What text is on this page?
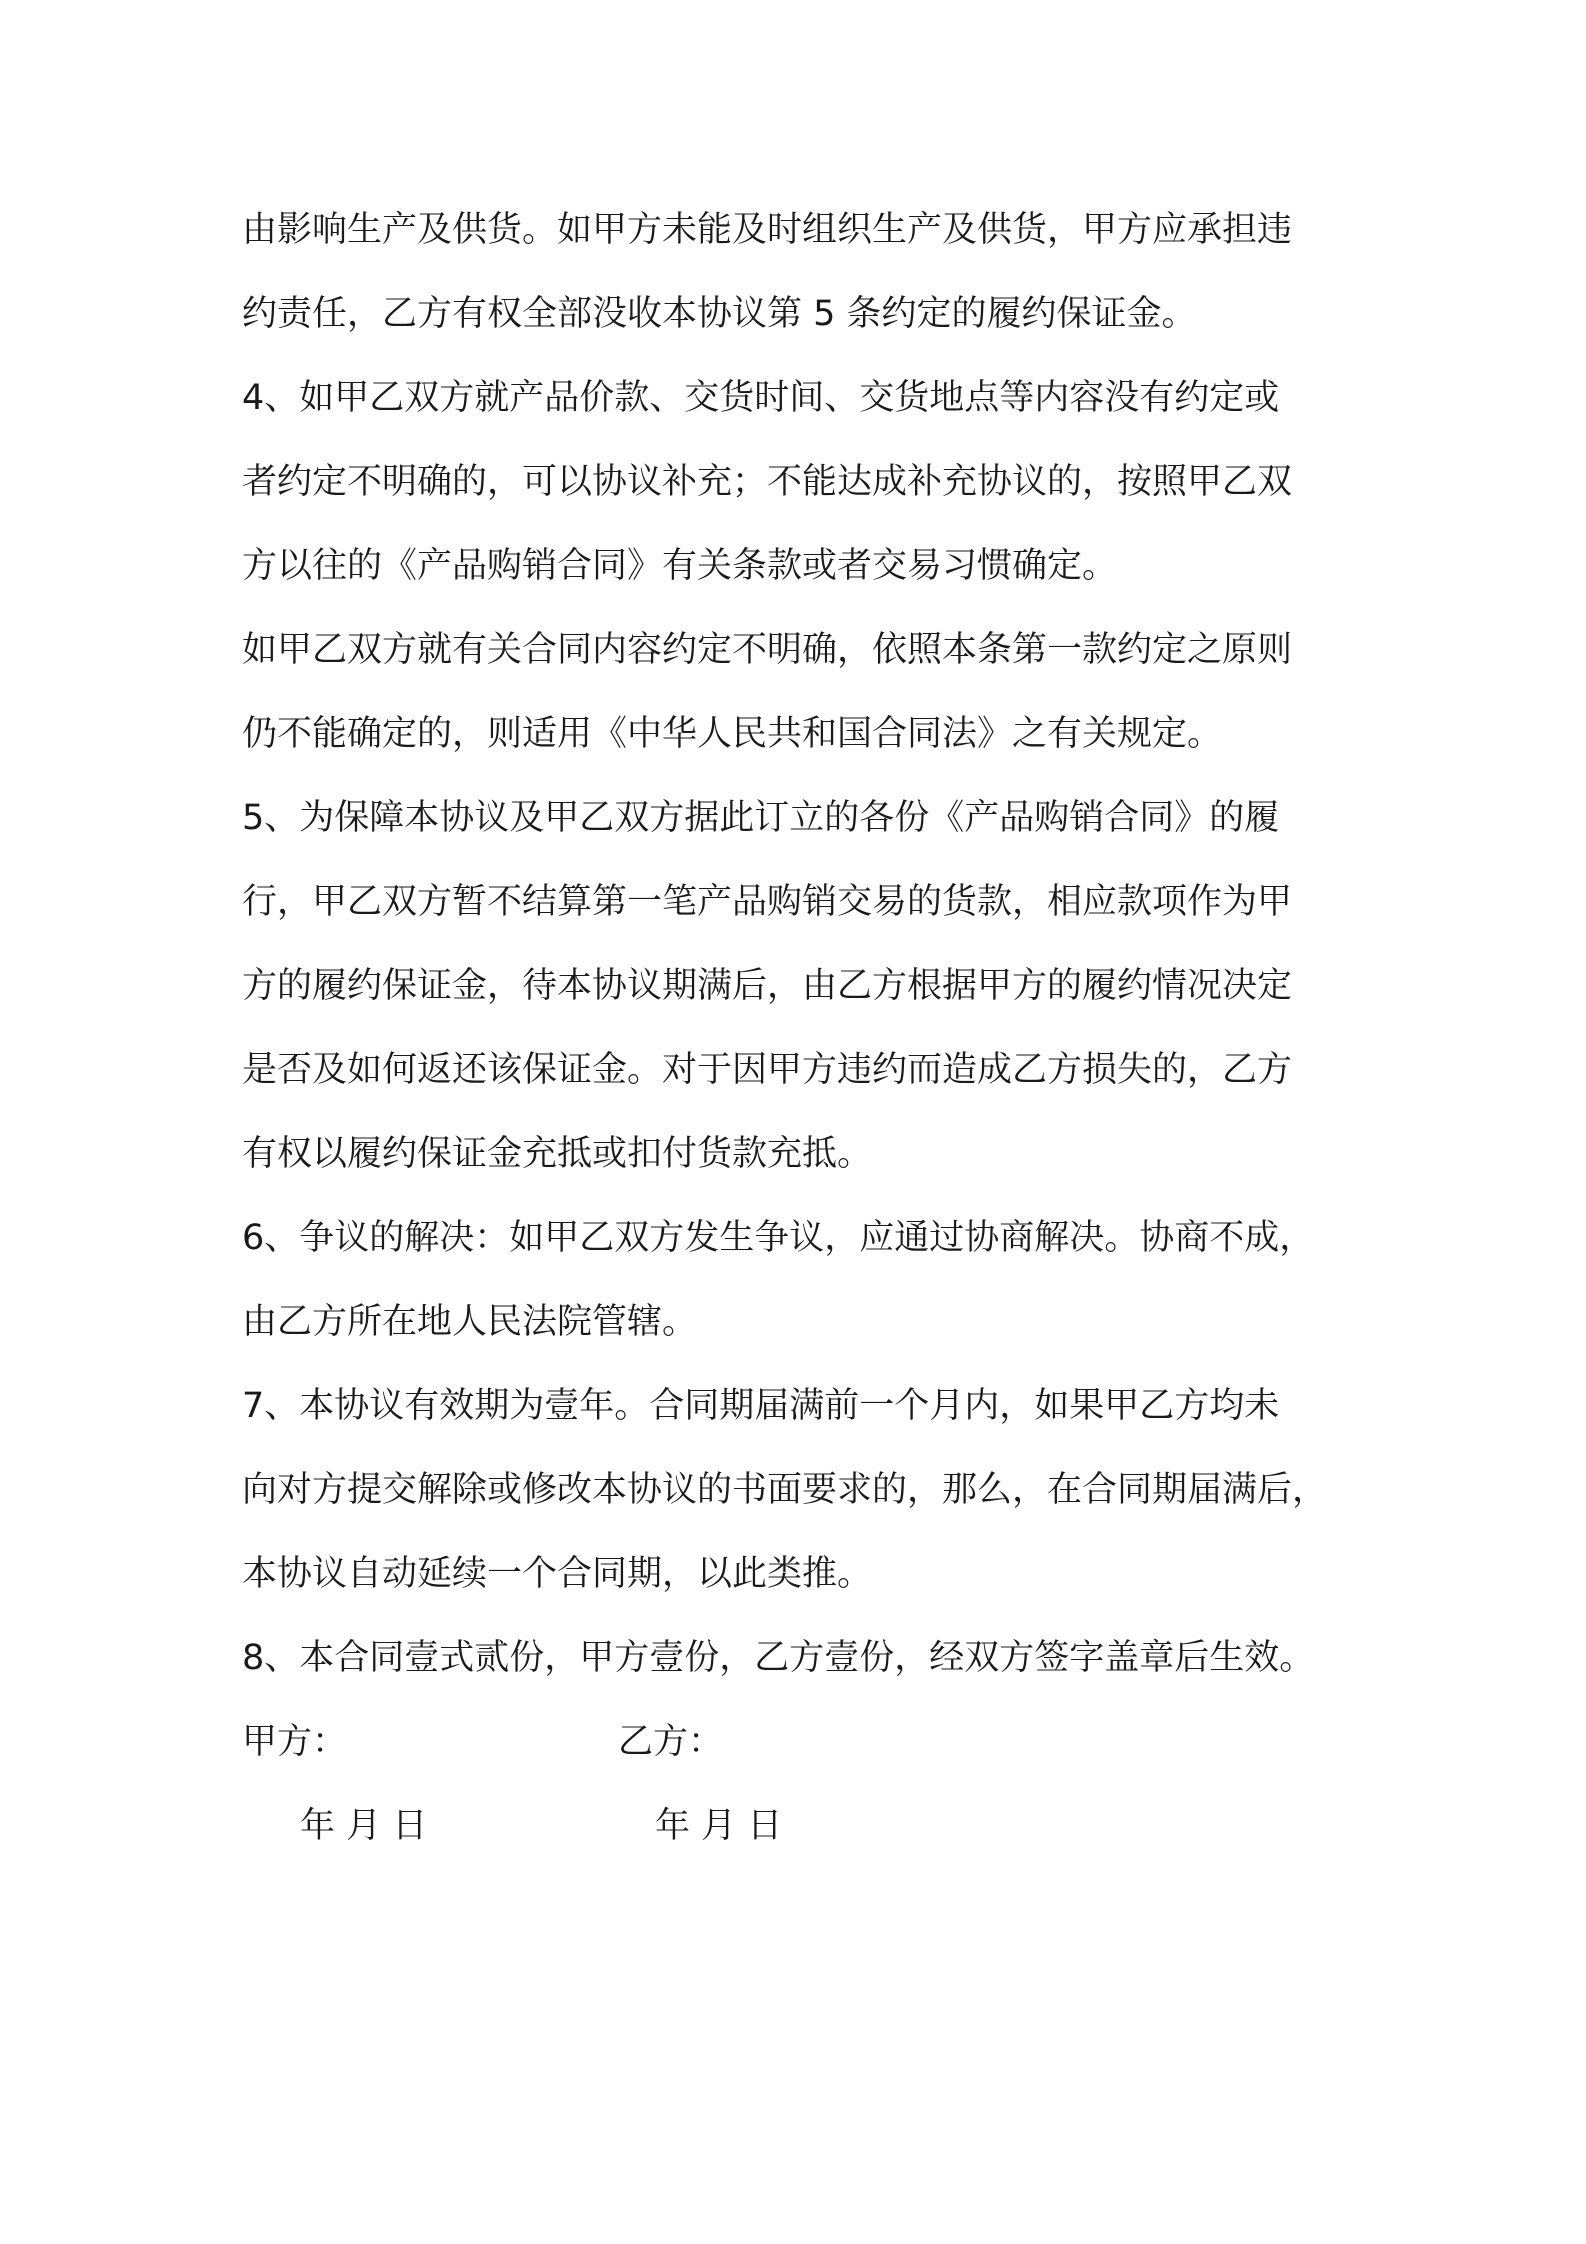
由影响生产及供货。如甲方未能及时组织生产及供货，甲方应承担违
约责任，乙方有权全部没收本协议第 5 条约定的履约保证金。
4、如甲乙双方就产品价款、交货时间、交货地点等内容没有约定或
者约定不明确的，可以协议补充；不能达成补充协议的，按照甲乙双
方以往的《产品购销合同》有关条款或者交易习惯确定。
如甲乙双方就有关合同内容约定不明确，依照本条第一款约定之原则
仍不能确定的，则适用《中华人民共和国合同法》之有关规定。
5、为保障本协议及甲乙双方据此订立的各份《产品购销合同》的履
行，甲乙双方暂不结算第一笔产品购销交易的货款，相应款项作为甲
方的履约保证金，待本协议期满后，由乙方根据甲方的履约情况决定
是否及如何返还该保证金。对于因甲方违约而造成乙方损失的，乙方
有权以履约保证金充抵或扣付货款充抵。
6、争议的解决：如甲乙双方发生争议，应通过协商解决。协商不成，
由乙方所在地人民法院管辖。
7、本协议有效期为壹年。合同期届满前一个月内，如果甲乙方均未
向对方提交解除或修改本协议的书面要求的，那么，在合同期届满后，
本协议自动延续一个合同期，以此类推。
8、本合同壹式贰份，甲方壹份，乙方壹份，经双方签字盖章后生效。
甲方：	乙方：
年 月 日	年 月 日
